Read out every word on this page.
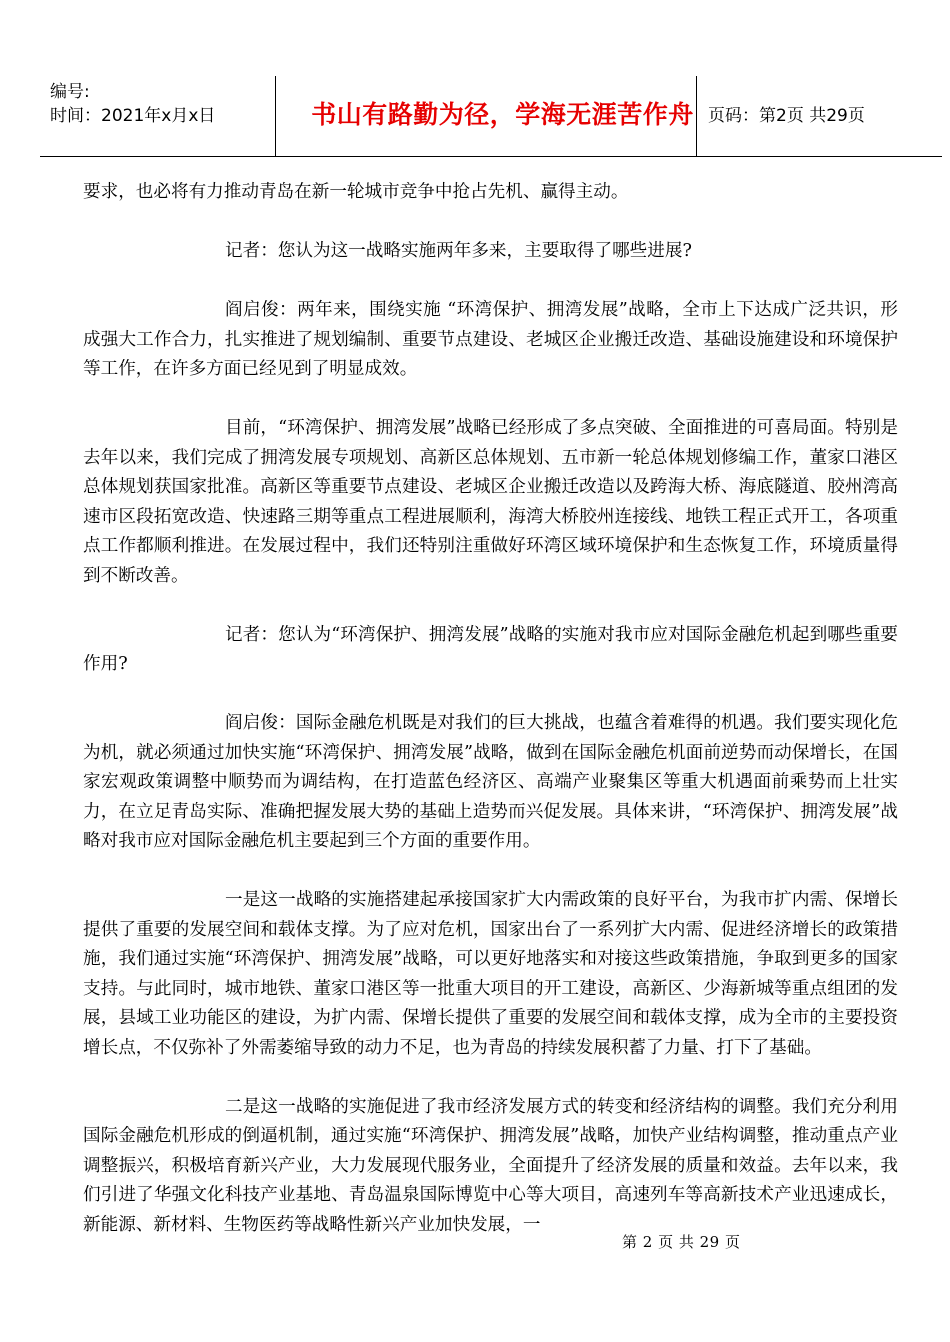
编号:
时间：2021年x月x日	书山有路勤为径，学海无涯苦作舟 页码：第2页 共29页

要求，也必将有力推动青岛在新一轮城市竞争中抢占先机、赢得主动。

记者：您认为这一战略实施两年多来，主要取得了哪些进展?

阎启俊：两年来，围绕实施 “环湾保护、拥湾发展”战略，全市上下达成广泛共识，形成强大工作合力，扎实推进了规划编制、重要节点建设、老城区企业搬迁改造、基础设施建设和环境保护等工作，在许多方面已经见到了明显成效。

目前，“环湾保护、拥湾发展”战略已经形成了多点突破、全面推进的可喜局面。特别是去年以来，我们完成了拥湾发展专项规划、高新区总体规划、五市新一轮总体规划修编工作，董家口港区总体规划获国家批准。高新区等重要节点建设、老城区企业搬迁改造以及跨海大桥、海底隧道、胶州湾高速市区段拓宽改造、快速路三期等重点工程进展顺利，海湾大桥胶州连接线、地铁工程正式开工，各项重点工作都顺利推进。在发展过程中，我们还特别注重做好环湾区域环境保护和生态恢复工作，环境质量得到不断改善。

记者：您认为“环湾保护、拥湾发展”战略的实施对我市应对国际金融危机起到哪些重要作用?

阎启俊：国际金融危机既是对我们的巨大挑战，也蕴含着难得的机遇。我们要实现化危为机，就必须通过加快实施“环湾保护、拥湾发展”战略，做到在国际金融危机面前逆势而动保增长，在国家宏观政策调整中顺势而为调结构，在打造蓝色经济区、高端产业聚集区等重大机遇面前乘势而上壮实力，在立足青岛实际、准确把握发展大势的基础上造势而兴促发展。具体来讲，“环湾保护、拥湾发展”战略对我市应对国际金融危机主要起到三个方面的重要作用。

一是这一战略的实施搭建起承接国家扩大内需政策的良好平台，为我市扩内需、保增长提供了重要的发展空间和载体支撑。为了应对危机，国家出台了一系列扩大内需、促进经济增长的政策措施，我们通过实施“环湾保护、拥湾发展”战略，可以更好地落实和对接这些政策措施，争取到更多的国家支持。与此同时，城市地铁、董家口港区等一批重大项目的开工建设，高新区、少海新城等重点组团的发展，县域工业功能区的建设，为扩内需、保增长提供了重要的发展空间和载体支撑，成为全市的主要投资增长点，不仅弥补了外需萎缩导致的动力不足，也为青岛的持续发展积蓄了力量、打下了基础。

二是这一战略的实施促进了我市经济发展方式的转变和经济结构的调整。我们充分利用国际金融危机形成的倒逼机制，通过实施“环湾保护、拥湾发展”战略，加快产业结构调整，推动重点产业调整振兴，积极培育新兴产业，大力发展现代服务业，全面提升了经济发展的质量和效益。去年以来，我们引进了华强文化科技产业基地、青岛温泉国际博览中心等大项目，高速列车等高新技术产业迅速成长，新能源、新材料、生物医药等战略性新兴产业加快发展，一

第 2 页 共 29 页
